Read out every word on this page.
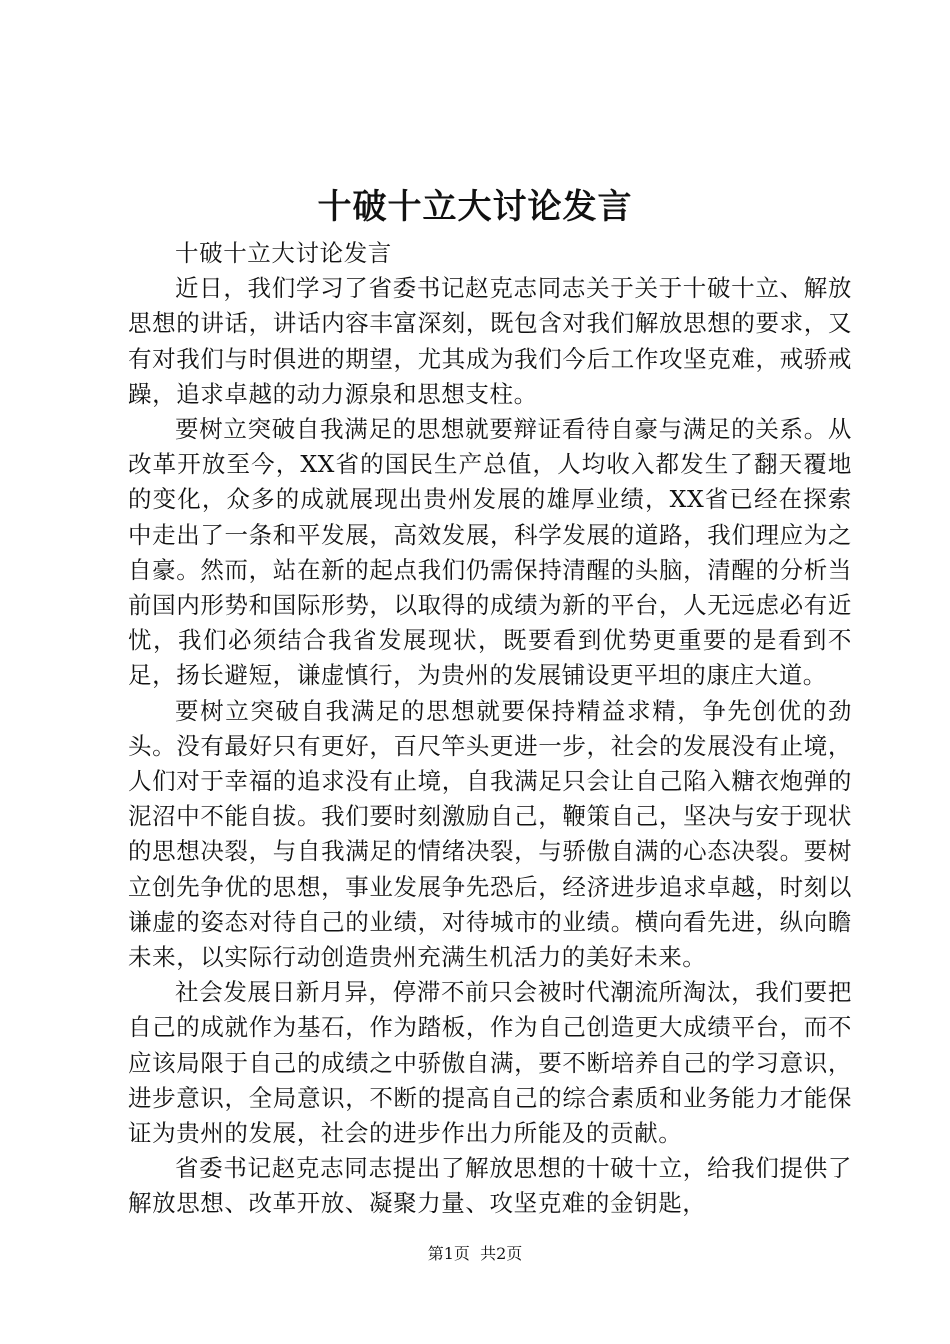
十破十立大讨论发言

十破十立大讨论发言

近日，我们学习了省委书记赵克志同志关于关于十破十立、解放思想的讲话，讲话内容丰富深刻，既包含对我们解放思想的要求，又有对我们与时俱进的期望，尤其成为我们今后工作攻坚克难，戒骄戒躁，追求卓越的动力源泉和思想支柱。

要树立突破自我满足的思想就要辩证看待自豪与满足的关系。从改革开放至今，XX省的国民生产总值，人均收入都发生了翻天覆地的变化，众多的成就展现出贵州发展的雄厚业绩，XX省已经在探索中走出了一条和平发展，高效发展，科学发展的道路，我们理应为之自豪。然而，站在新的起点我们仍需保持清醒的头脑，清醒的分析当前国内形势和国际形势，以取得的成绩为新的平台，人无远虑必有近忧，我们必须结合我省发展现状，既要看到优势更重要的是看到不足，扬长避短，谦虚慎行，为贵州的发展铺设更平坦的康庄大道。

要树立突破自我满足的思想就要保持精益求精，争先创优的劲头。没有最好只有更好，百尺竿头更进一步，社会的发展没有止境，人们对于幸福的追求没有止境，自我满足只会让自己陷入糖衣炮弹的泥沼中不能自拔。我们要时刻激励自己，鞭策自己，坚决与安于现状的思想决裂，与自我满足的情绪决裂，与骄傲自满的心态决裂。要树立创先争优的思想，事业发展争先恐后，经济进步追求卓越，时刻以谦虚的姿态对待自己的业绩，对待城市的业绩。横向看先进，纵向瞻未来，以实际行动创造贵州充满生机活力的美好未来。

社会发展日新月异，停滞不前只会被时代潮流所淘汰，我们要把自己的成就作为基石，作为踏板，作为自己创造更大成绩平台，而不应该局限于自己的成绩之中骄傲自满，要不断培养自己的学习意识，进步意识，全局意识，不断的提高自己的综合素质和业务能力才能保证为贵州的发展，社会的进步作出力所能及的贡献。

省委书记赵克志同志提出了解放思想的十破十立，给我们提供了解放思想、改革开放、凝聚力量、攻坚克难的金钥匙，

第1页 共2页
